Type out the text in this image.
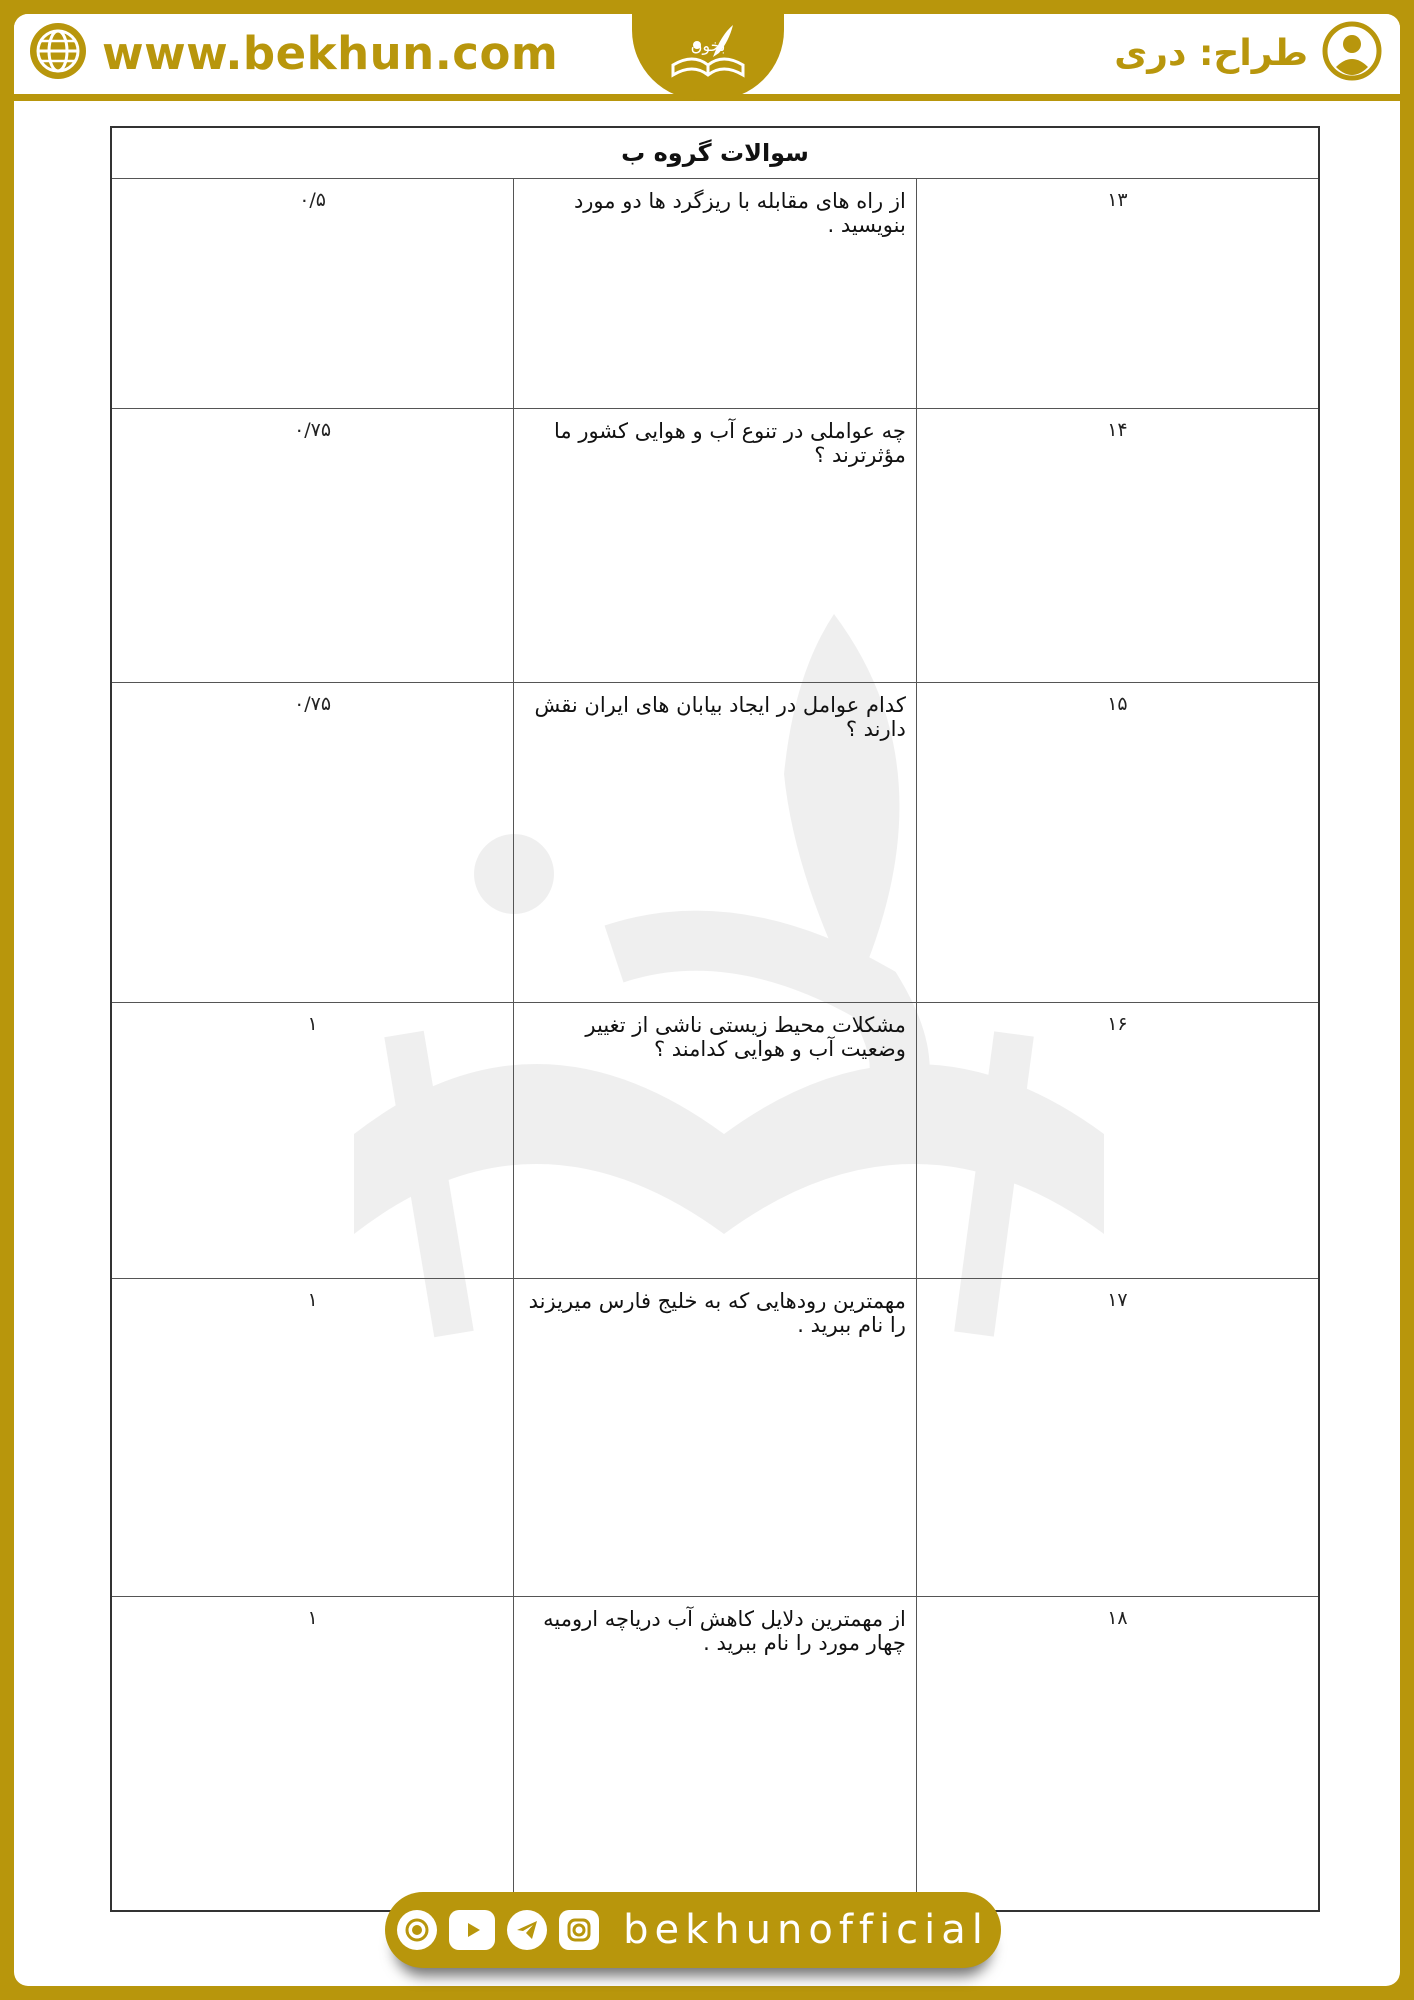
www.bekhun.com	بخون	طراح: دری
سوالات گروه ب		
۱۳	از راه های مقابله با ریزگرد ها دو مورد بنویسید .	۰/۵
۱۴	چه عواملی در تنوع آب و هوایی کشور ما مؤثرترند ؟	۰/۷۵
۱۵	کدام عوامل در ایجاد بیابان های ایران نقش دارند ؟	۰/۷۵
۱۶	مشکلات محیط زیستی ناشی از تغییر وضعیت آب و هوایی کدامند ؟	۱
۱۷	مهمترین رودهایی که به خلیج فارس میریزند را نام ببرید .	۱
۱۸	از مهمترین دلایل کاهش آب دریاچه ارومیه چهار مورد را نام ببرید .	۱
bekhunofficial
